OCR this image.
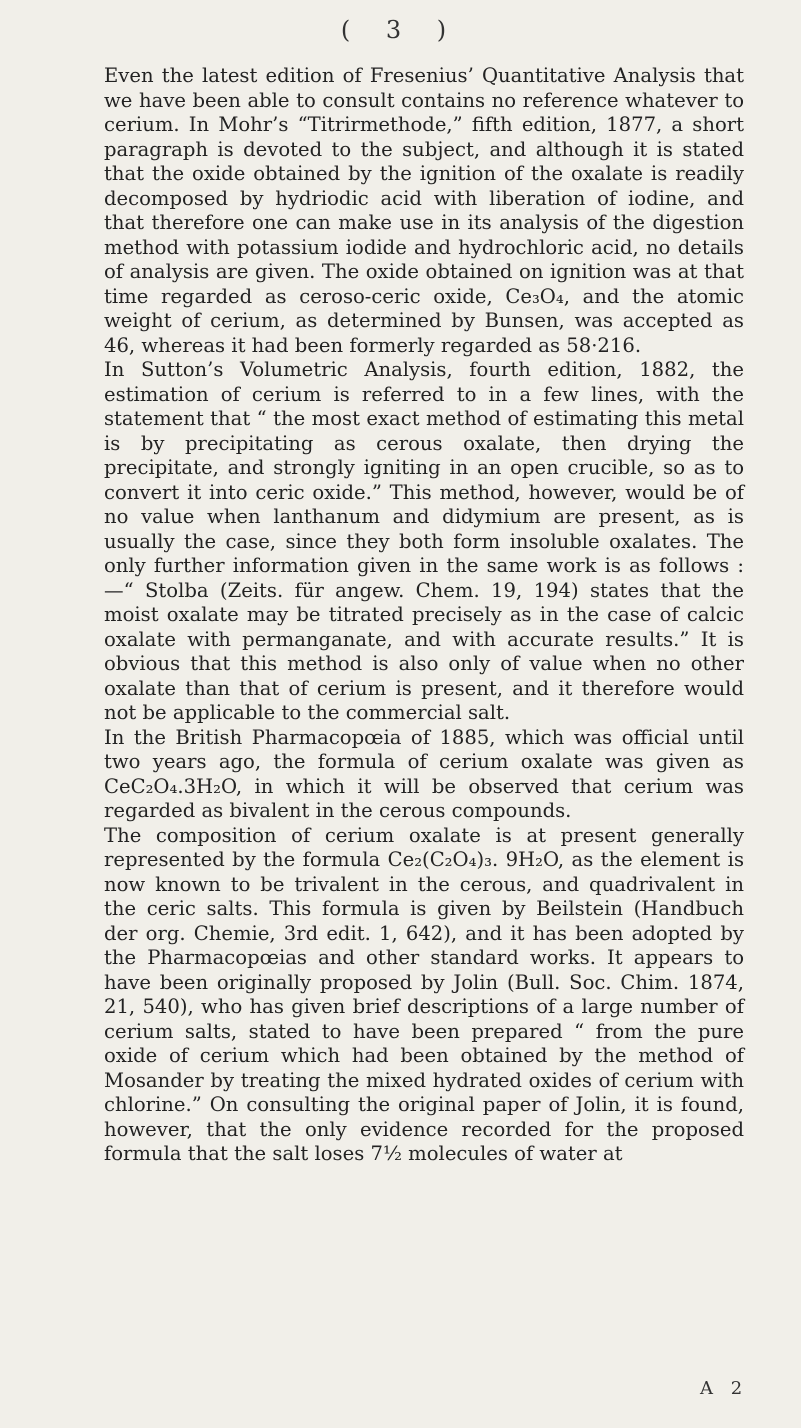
( 3 )

Even the latest edition of Fresenius’ Quantitative Analysis that we have been able to consult contains no reference whatever to cerium. In Mohr’s “Titrirmethode,” fifth edition, 1877, a short paragraph is devoted to the subject, and although it is stated that the oxide obtained by the ignition of the oxalate is readily decomposed by hydriodic acid with liberation of iodine, and that therefore one can make use in its analysis of the digestion method with potassium iodide and hydrochloric acid, no details of analysis are given. The oxide obtained on ignition was at that time regarded as ceroso-ceric oxide, Ce₃O₄, and the atomic weight of cerium, as determined by Bunsen, was accepted as 46, whereas it had been formerly regarded as 58·216.

In Sutton’s Volumetric Analysis, fourth edition, 1882, the estimation of cerium is referred to in a few lines, with the statement that “ the most exact method of estimating this metal is by precipitating as cerous oxalate, then drying the precipitate, and strongly igniting in an open crucible, so as to convert it into ceric oxide.” This method, however, would be of no value when lanthanum and didymium are present, as is usually the case, since they both form insoluble oxalates. The only further information given in the same work is as follows :—“ Stolba (Zeits. für angew. Chem. 19, 194) states that the moist oxalate may be titrated precisely as in the case of calcic oxalate with permanganate, and with accurate results.” It is obvious that this method is also only of value when no other oxalate than that of cerium is present, and it therefore would not be applicable to the commercial salt.

In the British Pharmacopœia of 1885, which was official until two years ago, the formula of cerium oxalate was given as CeC₂O₄.3H₂O, in which it will be observed that cerium was regarded as bivalent in the cerous compounds.

The composition of cerium oxalate is at present generally represented by the formula Ce₂(C₂O₄)₃. 9H₂O, as the element is now known to be trivalent in the cerous, and quadrivalent in the ceric salts. This formula is given by Beilstein (Handbuch der org. Chemie, 3rd edit. 1, 642), and it has been adopted by the Pharmacopœias and other standard works. It appears to have been originally proposed by Jolin (Bull. Soc. Chim. 1874, 21, 540), who has given brief descriptions of a large number of cerium salts, stated to have been prepared “ from the pure oxide of cerium which had been obtained by the method of Mosander by treating the mixed hydrated oxides of cerium with chlorine.” On consulting the original paper of Jolin, it is found, however, that the only evidence recorded for the proposed formula that the salt loses 7½ molecules of water at

A 2
